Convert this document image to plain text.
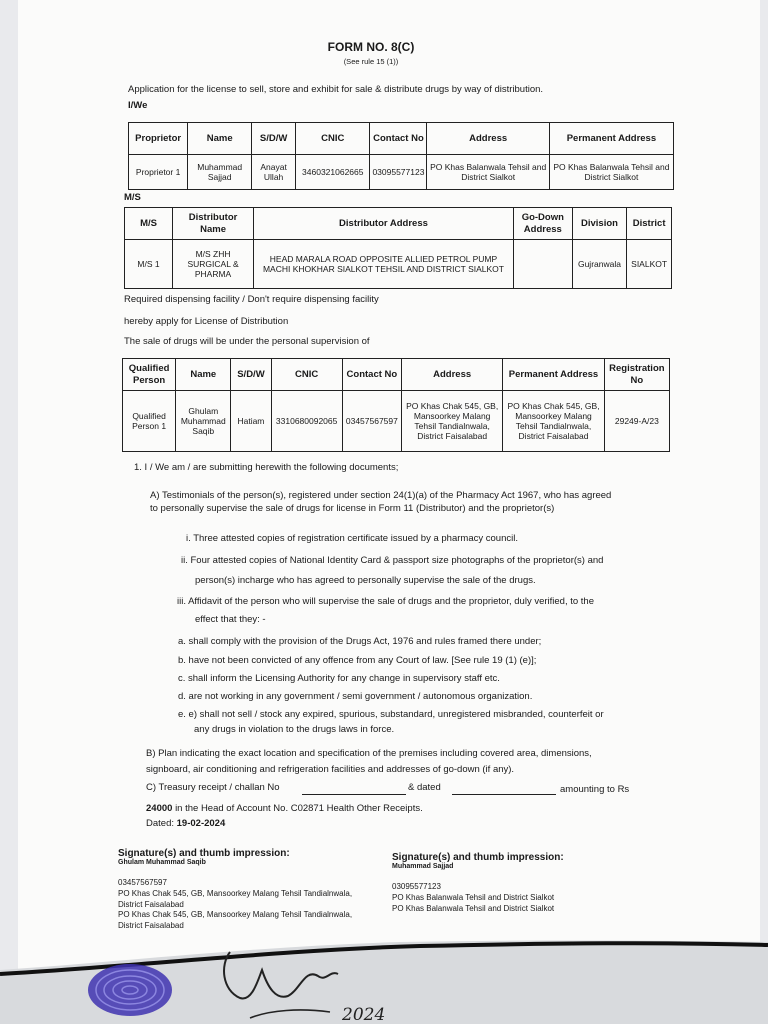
FORM NO. 8(C)
(See rule 15 (1))
Application for the license to sell, store and exhibit for sale & distribute drugs by way of distribution.
I/We
Proprietor	Name	S/D/W	CNIC	Contact No	Address	Permanent Address
Proprietor 1	Muhammad Sajjad	Anayat Ullah	3460321062665	03095577123	PO Khas Balanwala Tehsil and District Sialkot	PO Khas Balanwala Tehsil and District Sialkot
M/S
M/S	Distributor Name	Distributor Address	Go-Down Address	Division	District
M/S 1	M/S ZHH SURGICAL & PHARMA	HEAD MARALA ROAD OPPOSITE ALLIED PETROL PUMP MACHI KHOKHAR SIALKOT TEHSIL AND DISTRICT SIALKOT		Gujranwala	SIALKOT
Required dispensing facility / Don't require dispensing facility
hereby apply for License of Distribution
The sale of drugs will be under the personal supervision of
Qualified Person	Name	S/D/W	CNIC	Contact No	Address	Permanent Address	Registration No
Qualified Person 1	Ghulam Muhammad Saqib	Hatiam	3310680092065	03457567597	PO Khas Chak 545, GB, Mansoorkey Malang Tehsil Tandialnwala, District Faisalabad	PO Khas Chak 545, GB, Mansoorkey Malang Tehsil Tandialnwala, District Faisalabad	29249-A/23
1. I / We am / are submitting herewith the following documents;
A) Testimonials of the person(s), registered under section 24(1)(a) of the Pharmacy Act 1967, who has agreed
to personally supervise the sale of drugs for license in Form 11 (Distributor) and the proprietor(s)
i. Three attested copies of registration certificate issued by a pharmacy council.
ii. Four attested copies of National Identity Card & passport size photographs of the proprietor(s) and
person(s) incharge who has agreed to personally supervise the sale of the drugs.
iii. Affidavit of the person who will supervise the sale of drugs and the proprietor, duly verified, to the
effect that they: -
a. shall comply with the provision of the Drugs Act, 1976 and rules framed there under;
b. have not been convicted of any offence from any Court of law. [See rule 19 (1) (e)];
c. shall inform the Licensing Authority for any change in supervisory staff etc.
d. are not working in any government / semi government / autonomous organization.
e. e) shall not sell / stock any expired, spurious, substandard, unregistered misbranded, counterfeit or
any drugs in violation to the drugs laws in force.
B) Plan indicating the exact location and specification of the premises including covered area, dimensions,
signboard, air conditioning and refrigeration facilities and addresses of go-down (if any).
C) Treasury receipt / challan No	& dated	amounting to Rs
24000 in the Head of Account No. C02871 Health Other Receipts.
Dated: 19-02-2024
Signature(s) and thumb impression:
Ghulam Muhammad Saqib
03457567597
PO Khas Chak 545, GB, Mansoorkey Malang Tehsil Tandialnwala,
District Faisalabad
PO Khas Chak 545, GB, Mansoorkey Malang Tehsil Tandialnwala,
District Faisalabad
Signature(s) and thumb impression:
Muhammad Sajjad
03095577123
PO Khas Balanwala Tehsil and District Sialkot
PO Khas Balanwala Tehsil and District Sialkot
2024
